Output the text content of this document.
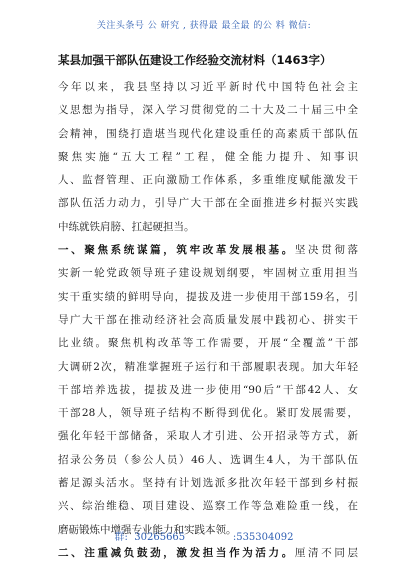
关注头条号 公 研究 , 获得最 最全最 的公 料 微信:
某县加强干部队伍建设工作经验交流材料（1463字）
今年以来，我县坚持以习近平新时代中国特色社会主
义思想为指导，深入学习贯彻党的二十大及二十届三中全
会精神，围绕打造堪当现代化建设重任的高素质干部队伍
聚焦实施“五大工程”工程，健全能力提升、知事识
人、监督管理、正向激励工作体系，多重维度赋能激发干
部队伍活力动力，引导广大干部在全面推进乡村振兴实践
中练就铁肩膀、扛起硬担当。
一、聚焦系统谋篇，筑牢改革发展根基。坚决贯彻落
实新一轮党政领导班子建设规划纲要，牢固树立重用担当
实干重实绩的鲜明导向，提拔及进一步使用干部159名，引
导广大干部在推动经济社会高质量发展中践初心、拼实干
比业绩。聚焦机构改革等工作需要，开展“全覆盖”干部
大调研2次，精准掌握班子运行和干部履职表现。加大年轻
干部培养选拔，提拔及进一步使用“90后”干部42人、女
干部28人，领导班子结构不断得到优化。紧盯发展需要，
强化年轻干部储备，采取人才引进、公开招录等方式，新
招录公务员（参公人员）46人、选调生4人，为干部队伍
蓄足源头活水。坚持有计划选派多批次年轻干部到乡村振
兴、综治维稳、项目建设、巡察工作等急难险重一线，在
磨砺锻炼中增强专业能力和实践本领。
二、注重减负鼓劲，激发担当作为活力。厘清不同层
群:  30265665               :535304092
